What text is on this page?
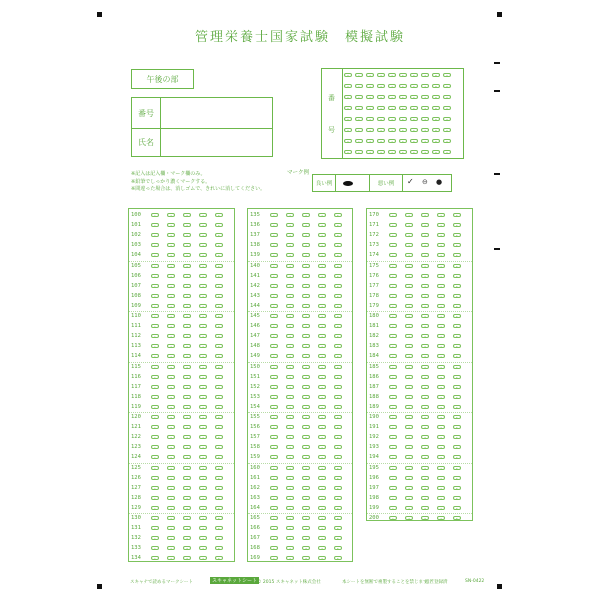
管理栄養士国家試験　模擬試験
午後の部
番号
氏名
番
号
0	1	2	3	4	5	6	7	8	9
0	1	2	3	4	5	6	7	8	9
0	1	2	3	4	5	6	7	8	9
0	1	2	3	4	5	6	7	8	9
0	1	2	3	4	5	6	7	8	9
0	1	2	3	4	5	6	7	8	9
0	1	2	3	4	5	6	7	8	9
0	1	2	3	4	5	6	7	8	9
※記入は記入欄・マーク欄のみ。
※鉛筆でしっかり濃くマークする。
※間違った場合は、消しゴムで、きれいに消してください。
マーク例
良い例	悪い例 ✓ ⊖ ●
100	1	2	3	4	5
101	1	2	3	4	5
102	1	2	3	4	5
103	1	2	3	4	5
104	1	2	3	4	5
105	1	2	3	4	5
106	1	2	3	4	5
107	1	2	3	4	5
108	1	2	3	4	5
109	1	2	3	4	5
110	1	2	3	4	5
111	1	2	3	4	5
112	1	2	3	4	5
113	1	2	3	4	5
114	1	2	3	4	5
115	1	2	3	4	5
116	1	2	3	4	5
117	1	2	3	4	5
118	1	2	3	4	5
119	1	2	3	4	5
120	1	2	3	4	5
121	1	2	3	4	5
122	1	2	3	4	5
123	1	2	3	4	5
124	1	2	3	4	5
125	1	2	3	4	5
126	1	2	3	4	5
127	1	2	3	4	5
128	1	2	3	4	5
129	1	2	3	4	5
130	1	2	3	4	5
131	1	2	3	4	5
132	1	2	3	4	5
133	1	2	3	4	5
134	1	2	3	4	5
135	1	2	3	4	5
136	1	2	3	4	5
137	1	2	3	4	5
138	1	2	3	4	5
139	1	2	3	4	5
140	1	2	3	4	5
141	1	2	3	4	5
142	1	2	3	4	5
143	1	2	3	4	5
144	1	2	3	4	5
145	1	2	3	4	5
146	1	2	3	4	5
147	1	2	3	4	5
148	1	2	3	4	5
149	1	2	3	4	5
150	1	2	3	4	5
151	1	2	3	4	5
152	1	2	3	4	5
153	1	2	3	4	5
154	1	2	3	4	5
155	1	2	3	4	5
156	1	2	3	4	5
157	1	2	3	4	5
158	1	2	3	4	5
159	1	2	3	4	5
160	1	2	3	4	5
161	1	2	3	4	5
162	1	2	3	4	5
163	1	2	3	4	5
164	1	2	3	4	5
165	1	2	3	4	5
166	1	2	3	4	5
167	1	2	3	4	5
168	1	2	3	4	5
169	1	2	3	4	5
170	1	2	3	4	5
171	1	2	3	4	5
172	1	2	3	4	5
173	1	2	3	4	5
174	1	2	3	4	5
175	1	2	3	4	5
176	1	2	3	4	5
177	1	2	3	4	5
178	1	2	3	4	5
179	1	2	3	4	5
180	1	2	3	4	5
181	1	2	3	4	5
182	1	2	3	4	5
183	1	2	3	4	5
184	1	2	3	4	5
185	1	2	3	4	5
186	1	2	3	4	5
187	1	2	3	4	5
188	1	2	3	4	5
189	1	2	3	4	5
190	1	2	3	4	5
191	1	2	3	4	5
192	1	2	3	4	5
193	1	2	3	4	5
194	1	2	3	4	5
195	1	2	3	4	5
196	1	2	3	4	5
197	1	2	3	4	5
198	1	2	3	4	5
199	1	2	3	4	5
200	1	2	3	4	5
スキャナで読めるマークシート	スキャネットシート © 2015 スキャネット株式会社	本シートを無断で複製することを禁じます。
意匠登録済	SN-0422
